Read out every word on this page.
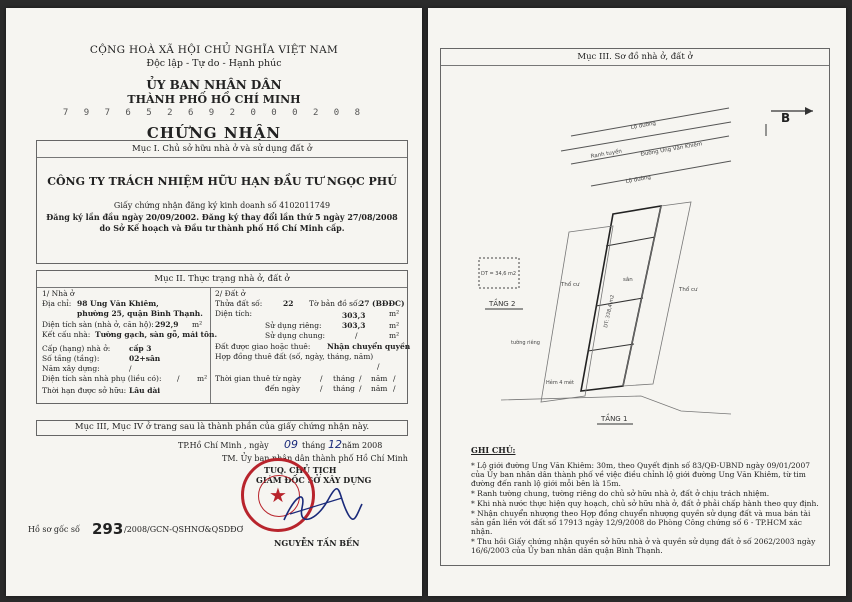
CỘNG HOÀ XÃ HỘI CHỦ NGHĨA VIỆT NAM
Độc lập - Tự do - Hạnh phúc
ỦY BAN NHÂN DÂN
THÀNH PHỐ HỒ CHÍ MINH
7 9 7 6 5 2 6 9 2 0 0 0 2 0 8
CHỨNG NHẬN
Mục I. Chủ sở hữu nhà ở và sử dụng đất ở
CÔNG TY TRÁCH NHIỆM HỮU HẠN ĐẦU TƯ NGỌC PHÚ
Giấy chứng nhận đăng ký kinh doanh số 4102011749
Đăng ký lần đầu ngày 20/09/2002. Đăng ký thay đổi lần thứ 5 ngày 27/08/2008
do Sở Kế hoạch và Đầu tư thành phố Hồ Chí Minh cấp.
Mục II. Thực trạng nhà ở, đất ở
1/ Nhà ở
Địa chỉ: 98 Ung Văn Khiêm,
phường 25, quận Bình Thạnh.
Diện tích sàn (nhà ở, căn hộ): 292,9 m²
Kết cấu nhà: Tường gạch, sàn gỗ, mái tôn.
Cấp (hạng) nhà ở:	cấp 3
Số tầng (tầng):	02+sân
Năm xây dựng:	/
Diện tích sàn nhà phụ (liều có): / m²
Thời hạn được sở hữu: Lâu dài
2/ Đất ở
Thửa đất số:	22 Tờ bản đồ số:
27 (BĐĐC)
Diện tích:	303,3	m²
Sử dụng riêng:	303,3	m²
Sử dụng chung:	/	m²
Đất được giao hoặc thuê: Nhận chuyển quyền
Hợp đồng thuê đất (số, ngày, tháng, năm)
/
Thời gian thuê từ ngày	/ tháng / năm /
đến ngày	/ tháng / năm /
Mục III, Mục IV ở trang sau là thành phần của giấy chứng nhận này.
TP.Hồ Chí Minh , ngày 09 tháng 12 năm 2008
TM. Ủy ban nhân dân thành phố Hồ Chí Minh
TUQ. CHỦ TỊCH
GIÁM ĐỐC SỞ XÂY DỰNG
★
NGUYỄN TẤN BẾN
Hồ sơ gốc số 293 /2008/GCN-QSHNƠ&QSDĐƠ
Mục III. Sơ đồ nhà ở, đất ở
B
Lộ đường
Ranh tuyến	Đường Ung Văn Khiêm
Lộ đường
sân
Thổ cư
Thổ cư
DT: 338,4 m2
DT = 34,6 m2
TẦNG 2
tường riêng
Hẻm 4 mét
TẦNG 1
GHI CHÚ:
* Lộ giới đường Ung Văn Khiêm: 30m, theo Quyết định số 83/QĐ-UBND ngày 09/01/2007 của Ủy ban nhân dân thành phố về việc điều chỉnh lộ giới đường Ung Văn Khiêm, từ tim đường đến ranh lộ giới mỗi bên là 15m.
* Ranh tường chung, tường riêng do chủ sở hữu nhà ở, đất ở chịu trách nhiệm.
* Khi nhà nước thực hiện quy hoạch, chủ sở hữu nhà ở, đất ở phải chấp hành theo quy định.
* Nhận chuyển nhượng theo Hợp đồng chuyển nhượng quyền sử dụng đất và mua bán tài sản gắn liền với đất số 17913 ngày 12/9/2008 do Phòng Công chứng số 6 - TP.HCM xác nhận.
* Thu hồi Giấy chứng nhận quyền sở hữu nhà ở và quyền sử dụng đất ở số 2062/2003 ngày 16/6/2003 của Ủy ban nhân dân quận Bình Thạnh.
